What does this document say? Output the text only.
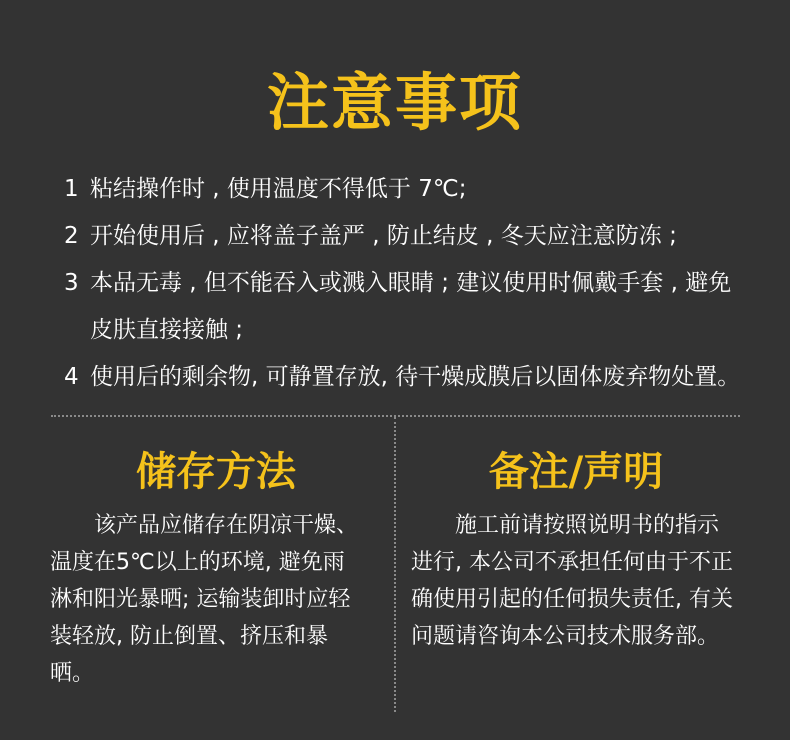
注意事项
1 粘结操作时 , 使用温度不得低于 7℃;
2 开始使用后 , 应将盖子盖严 , 防止结皮 , 冬天应注意防冻 ;
3 本品无毒 , 但不能吞入或溅入眼睛 ; 建议使用时佩戴手套 , 避免皮肤直接接触 ;
4 使用后的剩余物, 可静置存放, 待干燥成膜后以固体废弃物处置。
储存方法
该产品应储存在阴凉干燥、温度在5℃以上的环境, 避免雨淋和阳光暴晒; 运输装卸时应轻装轻放, 防止倒置、挤压和暴晒。
备注/声明
施工前请按照说明书的指示进行, 本公司不承担任何由于不正确使用引起的任何损失责任, 有关问题请咨询本公司技术服务部。
